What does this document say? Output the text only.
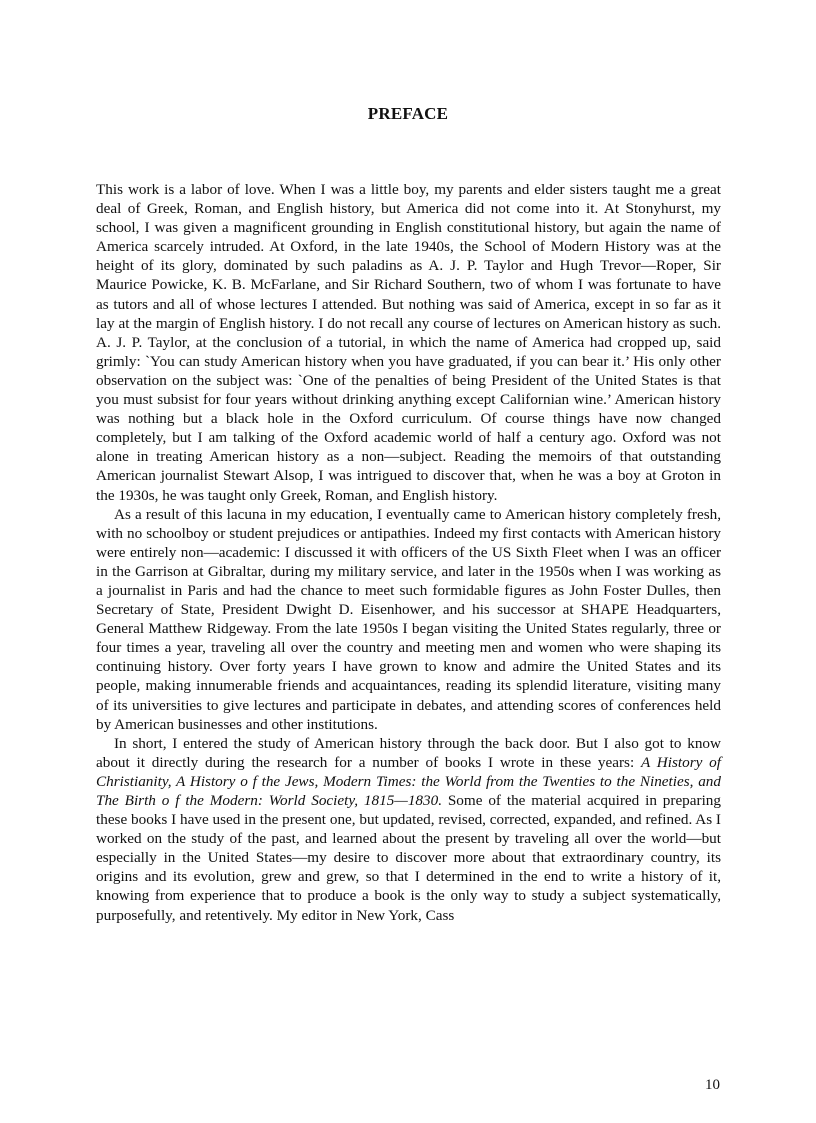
PREFACE

This work is a labor of love. When I was a little boy, my parents and elder sisters taught me a great deal of Greek, Roman, and English history, but America did not come into it. At Stonyhurst, my school, I was given a magnificent grounding in English constitutional history, but again the name of America scarcely intruded. At Oxford, in the late 1940s, the School of Modern History was at the height of its glory, dominated by such paladins as A. J. P. Taylor and Hugh Trevor—Roper, Sir Maurice Powicke, K. B. McFarlane, and Sir Richard Southern, two of whom I was fortunate to have as tutors and all of whose lectures I attended. But nothing was said of America, except in so far as it lay at the margin of English history. I do not recall any course of lectures on American history as such. A. J. P. Taylor, at the conclusion of a tutorial, in which the name of America had cropped up, said grimly: `You can study American history when you have graduated, if you can bear it.’ His only other observation on the subject was: `One of the penalties of being President of the United States is that you must subsist for four years without drinking anything except Californian wine.’ American history was nothing but a black hole in the Oxford curriculum. Of course things have now changed completely, but I am talking of the Oxford academic world of half a century ago. Oxford was not alone in treating American history as a non—subject. Reading the memoirs of that outstanding American journalist Stewart Alsop, I was intrigued to discover that, when he was a boy at Groton in the 1930s, he was taught only Greek, Roman, and English history.

As a result of this lacuna in my education, I eventually came to American history completely fresh, with no schoolboy or student prejudices or antipathies. Indeed my first contacts with American history were entirely non—academic: I discussed it with officers of the US Sixth Fleet when I was an officer in the Garrison at Gibraltar, during my military service, and later in the 1950s when I was working as a journalist in Paris and had the chance to meet such formidable figures as John Foster Dulles, then Secretary of State, President Dwight D. Eisenhower, and his successor at SHAPE Headquarters, General Matthew Ridgeway. From the late 1950s I began visiting the United States regularly, three or four times a year, traveling all over the country and meeting men and women who were shaping its continuing history. Over forty years I have grown to know and admire the United States and its people, making innumerable friends and acquaintances, reading its splendid literature, visiting many of its universities to give lectures and participate in debates, and attending scores of conferences held by American businesses and other institutions.

In short, I entered the study of American history through the back door. But I also got to know about it directly during the research for a number of books I wrote in these years: A History of Christianity, A History o f the Jews, Modern Times: the World from the Twenties to the Nineties, and The Birth o f the Modern: World Society, 1815—1830. Some of the material acquired in preparing these books I have used in the present one, but updated, revised, corrected, expanded, and refined. As I worked on the study of the past, and learned about the present by traveling all over the world—but especially in the United States—my desire to discover more about that extraordinary country, its origins and its evolution, grew and grew, so that I determined in the end to write a history of it, knowing from experience that to produce a book is the only way to study a subject systematically, purposefully, and retentively. My editor in New York, Cass

10
